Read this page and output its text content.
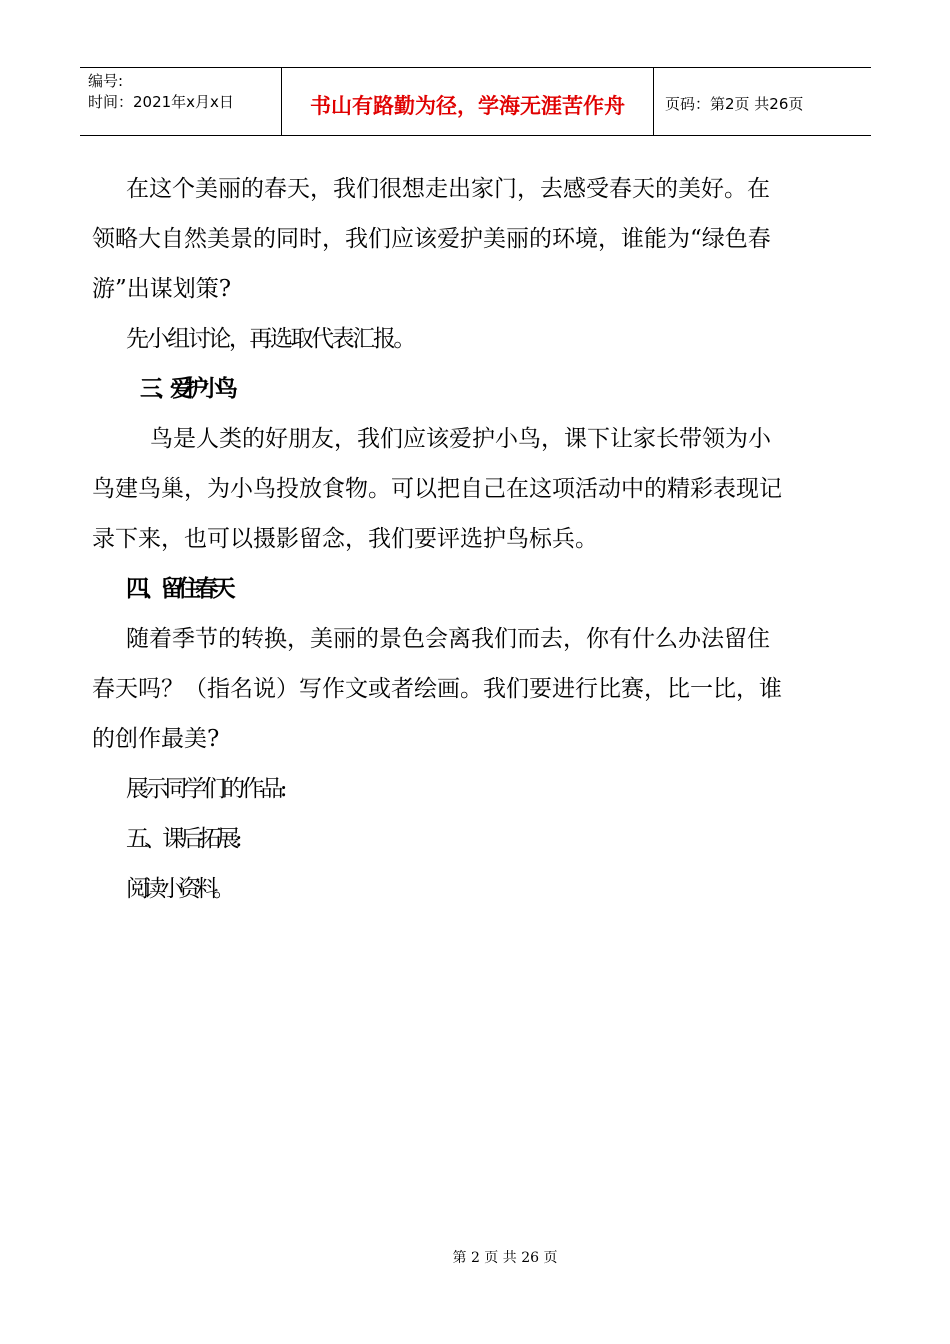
编号:
时间：2021年x月x日	书山有路勤为径，学海无涯苦作舟	页码：第2页 共26页
在这个美丽的春天，我们很想走出家门，去感受春天的美好。在
领略大自然美景的同时，我们应该爱护美丽的环境，谁能为“绿色春
游”出谋划策?
先小组讨论，再选取代表汇报。
三、爱护小鸟
鸟是人类的好朋友，我们应该爱护小鸟，课下让家长带领为小
鸟建鸟巢，为小鸟投放食物。可以把自己在这项活动中的精彩表现记
录下来，也可以摄影留念，我们要评选护鸟标兵。
四、留住春天
随着季节的转换，美丽的景色会离我们而去，你有什么办法留住
春天吗？（指名说）写作文或者绘画。我们要进行比赛，比一比，谁
的创作最美?
展示同学们的作品:
五、课后拓展:
阅读小资料。
第 2 页 共 26 页
